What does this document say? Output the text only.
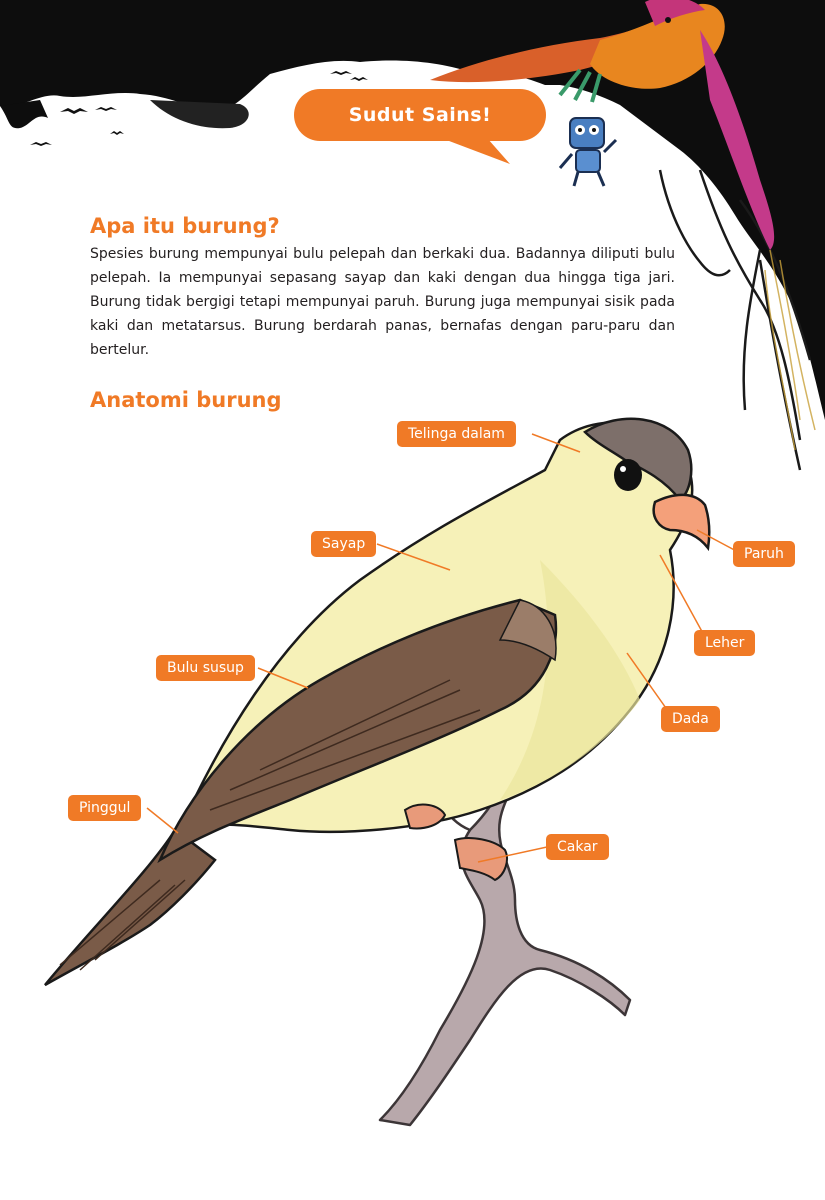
Sudut Sains!
Apa itu burung?

Spesies burung mempunyai bulu pelepah dan berkaki dua. Badannya diliputi bulu pelepah. Ia mempunyai sepasang sayap dan kaki dengan dua hingga tiga jari. Burung tidak bergigi tetapi mempunyai paruh. Burung juga mempunyai sisik pada kaki dan metatarsus. Burung berdarah panas, bernafas dengan paru-paru dan bertelur.

Anatomi burung
Telinga dalam
Sayap
Paruh
Leher
Bulu susup
Dada
Pinggul
Cakar
